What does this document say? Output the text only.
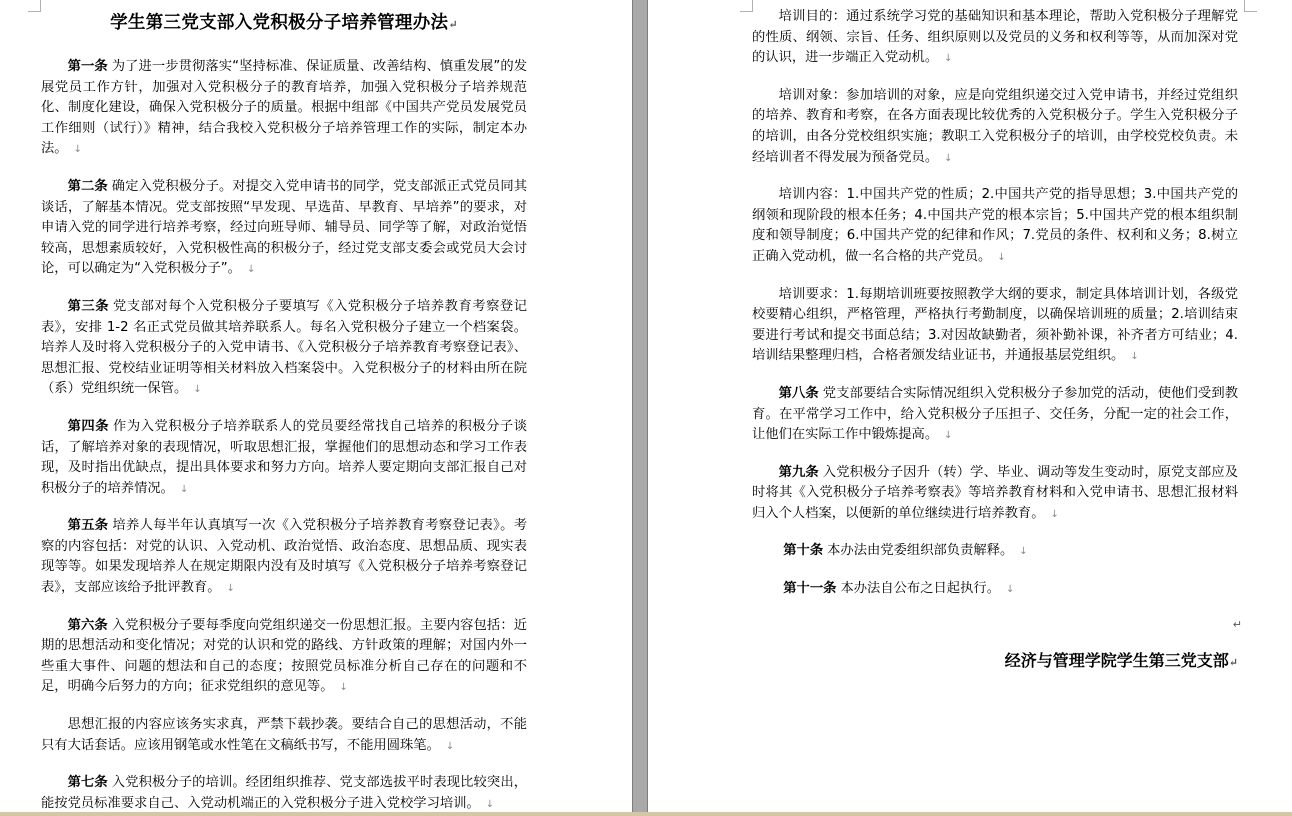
学生第三党支部入党积极分子培养管理办法↵

第一条 为了进一步贯彻落实“坚持标准、保证质量、改善结构、慎重发展”的发展党员工作方针，加强对入党积极分子的教育培养，加强入党积极分子培养规范化、制度化建设，确保入党积极分子的质量。根据中组部《中国共产党员发展党员工作细则（试行）》精神，结合我校入党积极分子培养管理工作的实际，制定本办法。 ↓

第二条 确定入党积极分子。对提交入党申请书的同学，党支部派正式党员同其谈话，了解基本情况。党支部按照“早发现、早选苗、早教育、早培养”的要求，对申请入党的同学进行培养考察，经过向班导师、辅导员、同学等了解，对政治觉悟较高，思想素质较好，入党积极性高的积极分子，经过党支部支委会或党员大会讨论，可以确定为“入党积极分子”。 ↓

第三条 党支部对每个入党积极分子要填写《入党积极分子培养教育考察登记表》，安排 1-2 名正式党员做其培养联系人。每名入党积极分子建立一个档案袋。培养人及时将入党积极分子的入党申请书、《入党积极分子培养教育考察登记表》、思想汇报、党校结业证明等相关材料放入档案袋中。入党积极分子的材料由所在院（系）党组织统一保管。 ↓

第四条 作为入党积极分子培养联系人的党员要经常找自己培养的积极分子谈话，了解培养对象的表现情况，听取思想汇报，掌握他们的思想动态和学习工作表现，及时指出优缺点，提出具体要求和努力方向。培养人要定期向支部汇报自己对积极分子的培养情况。 ↓

第五条 培养人每半年认真填写一次《入党积极分子培养教育考察登记表》。考察的内容包括：对党的认识、入党动机、政治觉悟、政治态度、思想品质、现实表现等等。如果发现培养人在规定期限内没有及时填写《入党积极分子培养考察登记表》，支部应该给予批评教育。 ↓

第六条 入党积极分子要每季度向党组织递交一份思想汇报。主要内容包括：近期的思想活动和变化情况；对党的认识和党的路线、方针政策的理解；对国内外一些重大事件、问题的想法和自己的态度；按照党员标准分析自己存在的问题和不足，明确今后努力的方向；征求党组织的意见等。 ↓

思想汇报的内容应该务实求真，严禁下载抄袭。要结合自己的思想活动，不能只有大话套话。应该用钢笔或水性笔在文稿纸书写，不能用圆珠笔。 ↓

第七条 入党积极分子的培训。经团组织推荐、党支部选拔平时表现比较突出，能按党员标准要求自己、入党动机端正的入党积极分子进入党校学习培训。 ↓

培训目的：通过系统学习党的基础知识和基本理论，帮助入党积极分子理解党的性质、纲领、宗旨、任务、组织原则以及党员的义务和权利等等，从而加深对党的认识，进一步端正入党动机。 ↓

培训对象：参加培训的对象，应是向党组织递交过入党申请书，并经过党组织的培养、教育和考察，在各方面表现比较优秀的入党积极分子。学生入党积极分子的培训，由各分党校组织实施；教职工入党积极分子的培训，由学校党校负责。未经培训者不得发展为预备党员。 ↓

培训内容：1.中国共产党的性质；2.中国共产党的指导思想；3.中国共产党的纲领和现阶段的根本任务；4.中国共产党的根本宗旨；5.中国共产党的根本组织制度和领导制度；6.中国共产党的纪律和作风；7.党员的条件、权利和义务；8.树立正确入党动机，做一名合格的共产党员。 ↓

培训要求：1.每期培训班要按照教学大纲的要求，制定具体培训计划，各级党校要精心组织，严格管理，严格执行考勤制度，以确保培训班的质量；2.培训结束要进行考试和提交书面总结；3.对因故缺勤者，须补勤补课，补齐者方可结业；4.培训结果整理归档，合格者颁发结业证书，并通报基层党组织。 ↓

第八条 党支部要结合实际情况组织入党积极分子参加党的活动，使他们受到教育。在平常学习工作中，给入党积极分子压担子、交任务，分配一定的社会工作，让他们在实际工作中锻炼提高。 ↓

第九条 入党积极分子因升（转）学、毕业、调动等发生变动时，原党支部应及时将其《入党积极分子培养考察表》等培养教育材料和入党申请书、思想汇报材料归入个人档案，以便新的单位继续进行培养教育。 ↓

第十条 本办法由党委组织部负责解释。 ↓

第十一条 本办法自公布之日起执行。 ↓

↵
经济与管理学院学生第三党支部↵
